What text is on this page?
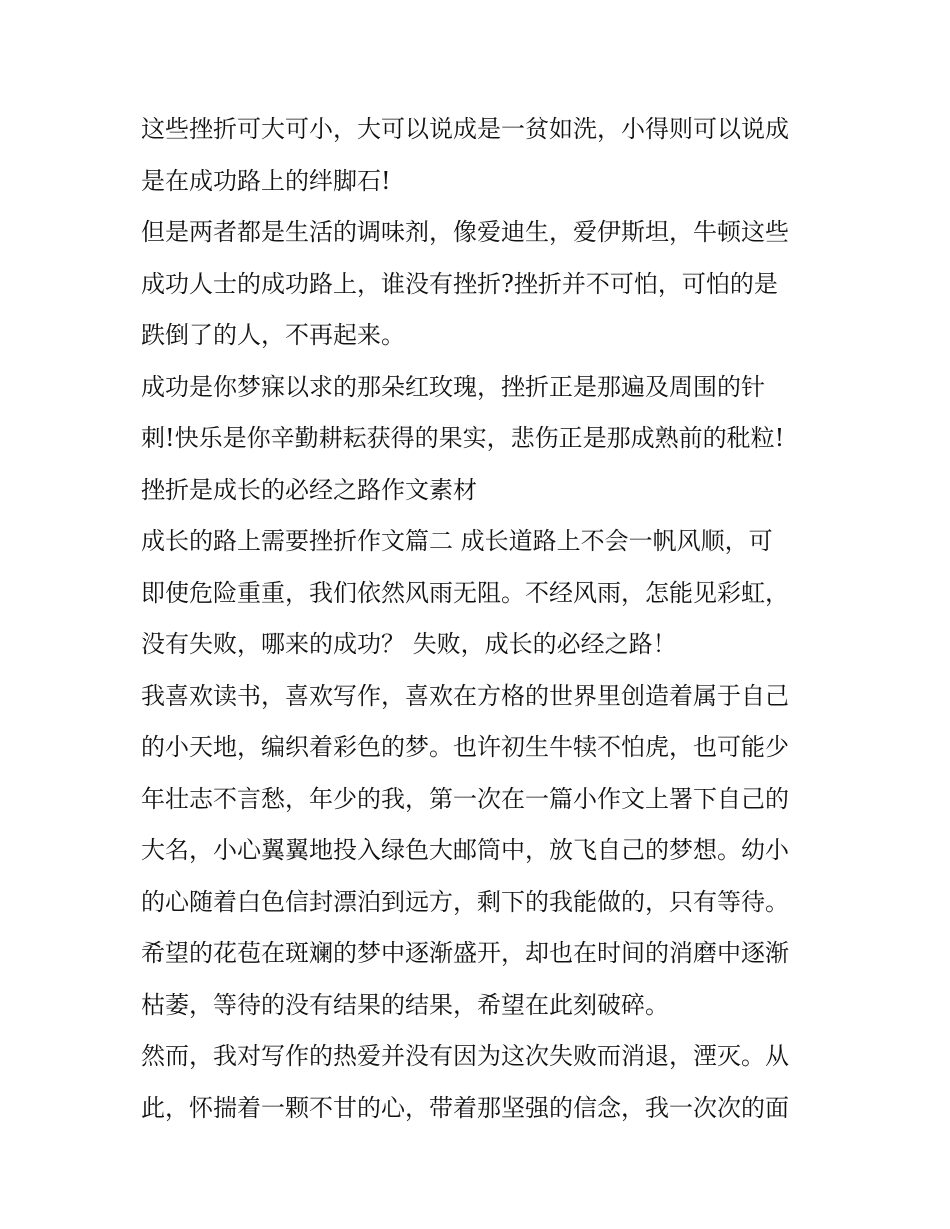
这些挫折可大可小，大可以说成是一贫如洗，小得则可以说成
是在成功路上的绊脚石!
但是两者都是生活的调味剂，像爱迪生，爱伊斯坦，牛顿这些
成功人士的成功路上，谁没有挫折?挫折并不可怕，可怕的是
跌倒了的人，不再起来。
成功是你梦寐以求的那朵红玫瑰，挫折正是那遍及周围的针
刺!快乐是你辛勤耕耘获得的果实，悲伤正是那成熟前的秕粒!
挫折是成长的必经之路作文素材
成长的路上需要挫折作文篇二 成长道路上不会一帆风顺，可
即使危险重重，我们依然风雨无阻。不经风雨，怎能见彩虹，
没有失败，哪来的成功？ 失败，成长的必经之路！
我喜欢读书，喜欢写作，喜欢在方格的世界里创造着属于自己
的小天地，编织着彩色的梦。也许初生牛犊不怕虎，也可能少
年壮志不言愁，年少的我，第一次在一篇小作文上署下自己的
大名，小心翼翼地投入绿色大邮筒中，放飞自己的梦想。幼小
的心随着白色信封漂泊到远方，剩下的我能做的，只有等待。
希望的花苞在斑斓的梦中逐渐盛开，却也在时间的消磨中逐渐
枯萎，等待的没有结果的结果，希望在此刻破碎。
然而，我对写作的热爱并没有因为这次失败而消退，湮灭。从
此，怀揣着一颗不甘的心，带着那坚强的信念，我一次次的面
